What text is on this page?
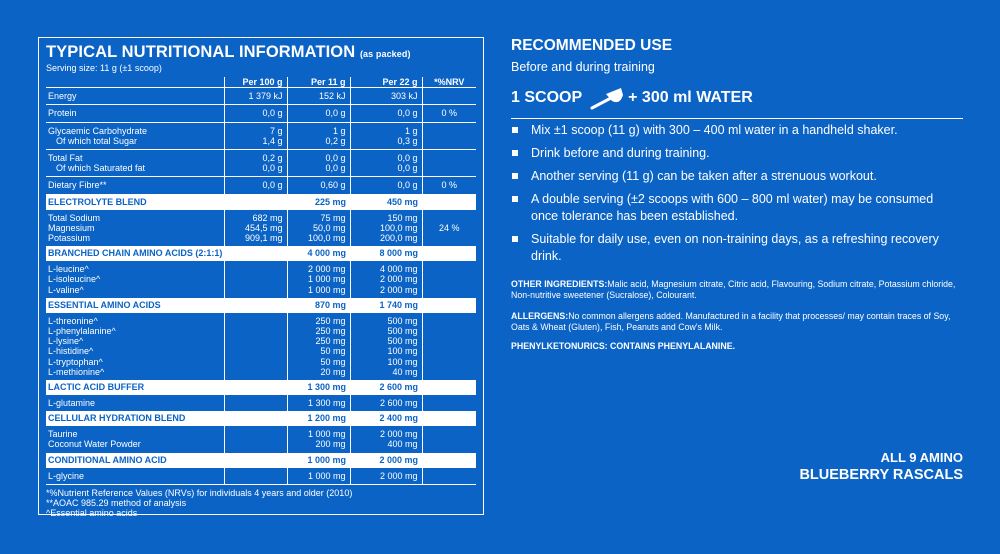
TYPICAL NUTRITIONAL INFORMATION (as packed)
Serving size: 11 g (±1 scoop)
	Per 100 g	Per 11 g	Per 22 g	*%NRV
Energy	1 379 kJ	152 kJ	303 kJ	
Protein	0,0 g	0,0 g	0,0 g	0 %
Glycaemic Carbohydrate	7 g	1 g	1 g	
Of which total Sugar	1,4 g	0,2 g	0,3 g	
Total Fat	0,2 g	0,0 g	0,0 g	
Of which Saturated fat	0,0 g	0,0 g	0,0 g	
Dietary Fibre**	0,0 g	0,60 g	0,0 g	0 %
ELECTROLYTE BLEND		225 mg	450 mg	
Total Sodium	682 mg	75 mg	150 mg	
Magnesium	454,5 mg	50,0 mg	100,0 mg	24 %
Potassium	909,1 mg	100,0 mg	200,0 mg	
BRANCHED CHAIN AMINO ACIDS (2:1:1)		4 000 mg	8 000 mg	
L-leucine^		2 000 mg	4 000 mg	
L-isoleucine^		1 000 mg	2 000 mg	
L-valine^		1 000 mg	2 000 mg	
ESSENTIAL AMINO ACIDS		870 mg	1 740 mg	
L-threonine^		250 mg	500 mg	
L-phenylalanine^		250 mg	500 mg	
L-lysine^		250 mg	500 mg	
L-histidine^		50 mg	100 mg	
L-tryptophan^		50 mg	100 mg	
L-methionine^		20 mg	40 mg	
LACTIC ACID BUFFER		1 300 mg	2 600 mg	
L-glutamine		1 300 mg	2 600 mg	
CELLULAR HYDRATION BLEND		1 200 mg	2 400 mg	
Taurine		1 000 mg	2 000 mg	
Coconut Water Powder		200 mg	400 mg	
CONDITIONAL AMINO ACID		1 000 mg	2 000 mg	
L-glycine		1 000 mg	2 000 mg	
*%Nutrient Reference Values (NRVs) for individuals 4 years and older (2010)
**AOAC 985.29 method of analysis
^Essential amino acids
RECOMMENDED USE
Before and during training
1 SCOOP	+ 300 ml WATER
Mix ±1 scoop (11 g) with 300 – 400 ml water in a handheld shaker.
Drink before and during training.
Another serving (11 g) can be taken after a strenuous workout.
A double serving (±2 scoops with 600 – 800 ml water) may be consumed once tolerance has been established.
Suitable for daily use, even on non-training days, as a refreshing recovery drink.
OTHER INGREDIENTS:Malic acid, Magnesium citrate, Citric acid, Flavouring, Sodium citrate, Potassium chloride, Non-nutritive sweetener (Sucralose), Colourant.
ALLERGENS:No common allergens added. Manufactured in a facility that processes/ may contain traces of Soy, Oats & Wheat (Gluten), Fish, Peanuts and Cow's Milk.
PHENYLKETONURICS: CONTAINS PHENYLALANINE.
ALL 9 AMINO
BLUEBERRY RASCALS
